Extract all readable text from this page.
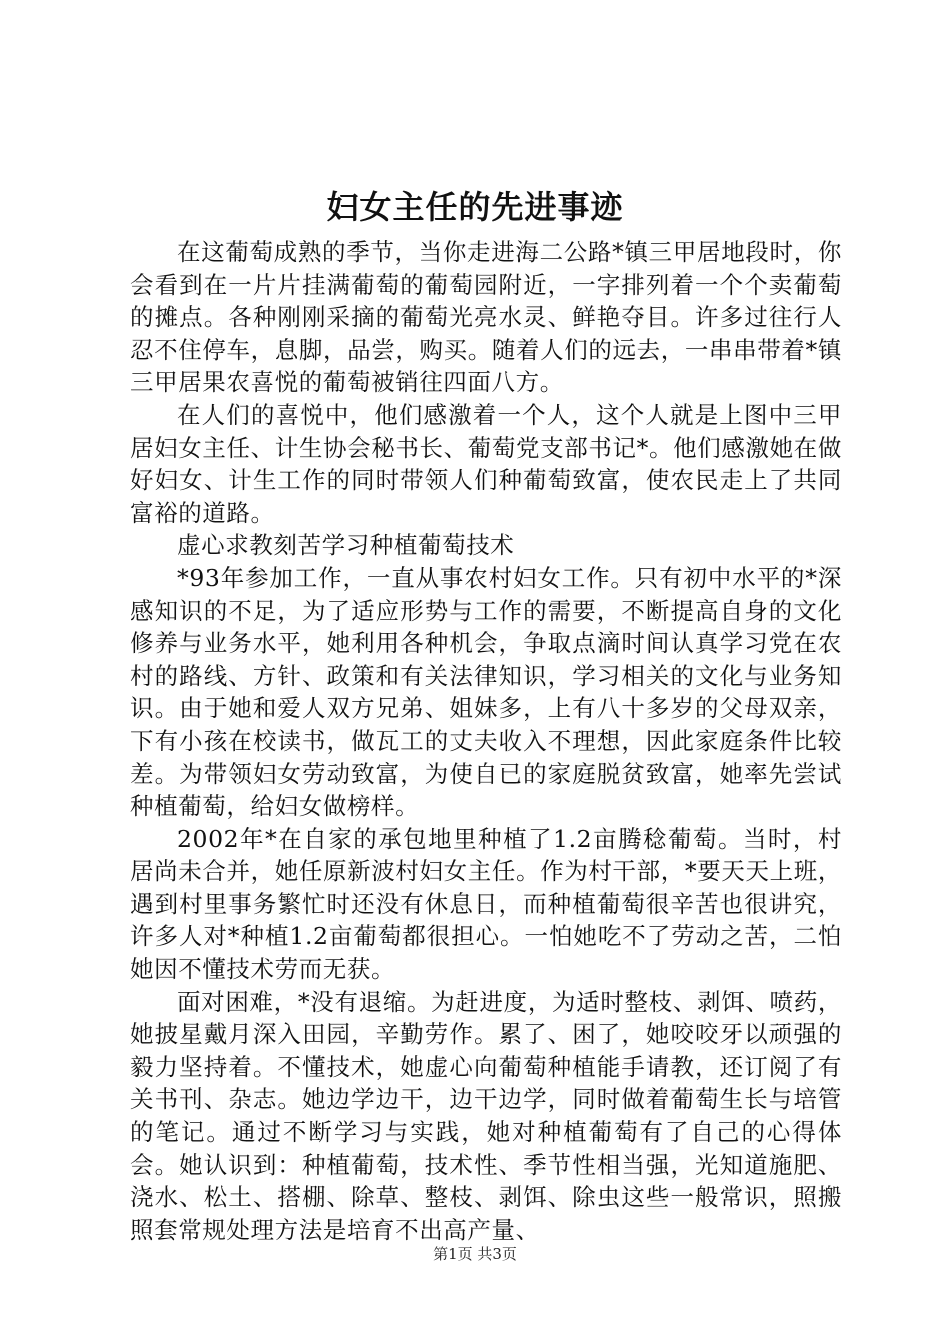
妇女主任的先进事迹

在这葡萄成熟的季节，当你走进海二公路*镇三甲居地段时，你会看到在一片片挂满葡萄的葡萄园附近，一字排列着一个个卖葡萄的摊点。各种刚刚采摘的葡萄光亮水灵、鲜艳夺目。许多过往行人忍不住停车，息脚，品尝，购买。随着人们的远去，一串串带着*镇三甲居果农喜悦的葡萄被销往四面八方。

在人们的喜悦中，他们感激着一个人，这个人就是上图中三甲居妇女主任、计生协会秘书长、葡萄党支部书记*。他们感激她在做好妇女、计生工作的同时带领人们种葡萄致富，使农民走上了共同富裕的道路。

虚心求教刻苦学习种植葡萄技术

*93年参加工作，一直从事农村妇女工作。只有初中水平的*深感知识的不足，为了适应形势与工作的需要，不断提高自身的文化修养与业务水平，她利用各种机会，争取点滴时间认真学习党在农村的路线、方针、政策和有关法律知识，学习相关的文化与业务知识。由于她和爱人双方兄弟、姐妹多，上有八十多岁的父母双亲，下有小孩在校读书，做瓦工的丈夫收入不理想，因此家庭条件比较差。为带领妇女劳动致富，为使自已的家庭脱贫致富，她率先尝试种植葡萄，给妇女做榜样。

2002年*在自家的承包地里种植了1.2亩腾稔葡萄。当时，村居尚未合并，她任原新波村妇女主任。作为村干部，*要天天上班，遇到村里事务繁忙时还没有休息日，而种植葡萄很辛苦也很讲究，许多人对*种植1.2亩葡萄都很担心。一怕她吃不了劳动之苦，二怕她因不懂技术劳而无获。

面对困难，*没有退缩。为赶进度，为适时整枝、剥饵、喷药，她披星戴月深入田园，辛勤劳作。累了、困了，她咬咬牙以顽强的毅力坚持着。不懂技术，她虚心向葡萄种植能手请教，还订阅了有关书刊、杂志。她边学边干，边干边学，同时做着葡萄生长与培管的笔记。通过不断学习与实践，她对种植葡萄有了自己的心得体会。她认识到：种植葡萄，技术性、季节性相当强，光知道施肥、浇水、松土、搭棚、除草、整枝、剥饵、除虫这些一般常识，照搬照套常规处理方法是培育不出高产量、

第1页 共3页
